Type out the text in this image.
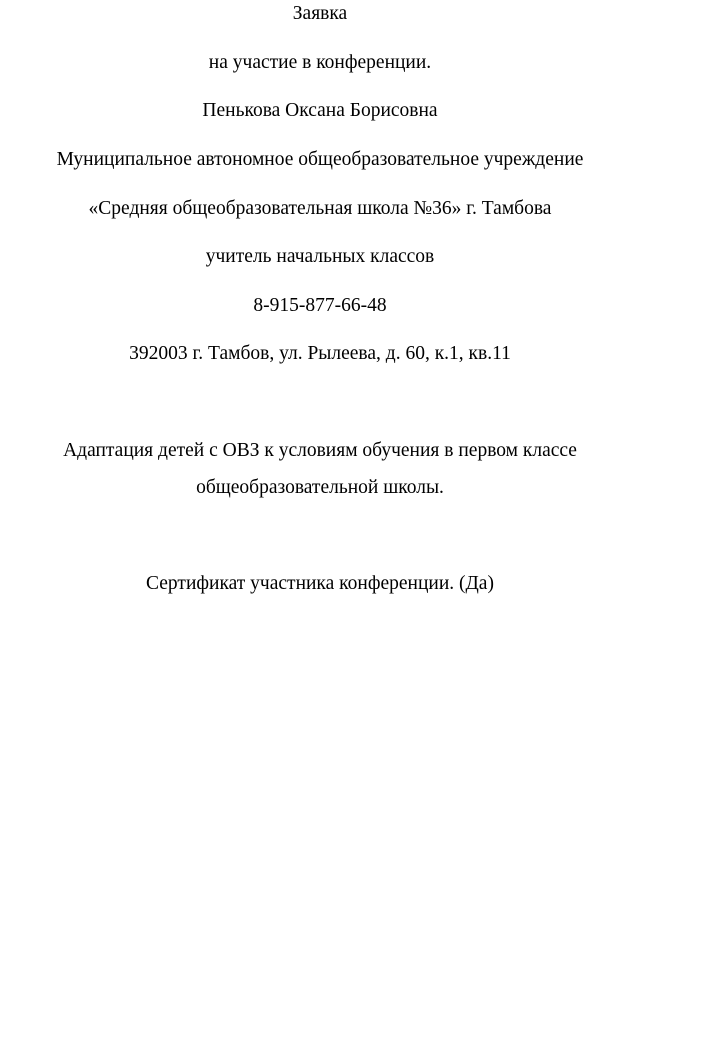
Заявка
на участие в конференции.
Пенькова Оксана Борисовна
Муниципальное автономное общеобразовательное учреждение
«Средняя общеобразовательная школа №36» г. Тамбова
учитель начальных классов
8-915-877-66-48
392003 г. Тамбов, ул. Рылеева, д. 60, к.1, кв.11
Адаптация детей с ОВЗ к условиям обучения в первом классе
общеобразовательной школы.
Сертификат участника конференции. (Да)
